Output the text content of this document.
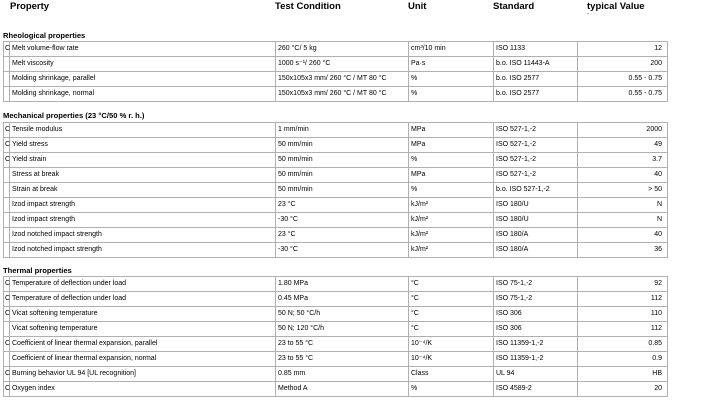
Property	Test Condition	Unit	Standard	typical Value
-
Rheological properties
C	Melt volume-flow rate	260 °C/ 5 kg	cm³/10 min	ISO 1133	12
	Melt viscosity	1000 s⁻¹/ 260 °C	Pa·s	b.o. ISO 11443-A	200
	Molding shrinkage, parallel	150x105x3 mm/ 260 °C / MT 80 °C	%	b.o. ISO 2577	0.55 - 0.75
	Molding shrinkage, normal	150x105x3 mm/ 260 °C / MT 80 °C	%	b.o. ISO 2577	0.55 - 0.75
Mechanical properties (23 °C/50 % r. h.)
C	Tensile modulus	1 mm/min	MPa	ISO 527-1,-2	2000
C	Yield stress	50 mm/min	MPa	ISO 527-1,-2	49
C	Yield strain	50 mm/min	%	ISO 527-1,-2	3.7
	Stress at break	50 mm/min	MPa	ISO 527-1,-2	40
	Strain at break	50 mm/min	%	b.o. ISO 527-1,-2	> 50
	Izod impact strength	23 °C	kJ/m²	ISO 180/U	N
	Izod impact strength	-30 °C	kJ/m²	ISO 180/U	N
	Izod notched impact strength	23 °C	kJ/m²	ISO 180/A	40
	Izod notched impact strength	-30 °C	kJ/m²	ISO 180/A	36
Thermal properties
C	Temperature of deflection under load	1.80 MPa	°C	ISO 75-1,-2	92
C	Temperature of deflection under load	0.45 MPa	°C	ISO 75-1,-2	112
C	Vicat softening temperature	50 N; 50 °C/h	°C	ISO 306	110
	Vicat softening temperature	50 N; 120 °C/h	°C	ISO 306	112
C	Coefficient of linear thermal expansion, parallel	23 to 55 °C	10⁻⁴/K	ISO 11359-1,-2	0.85
	Coefficient of linear thermal expansion, normal	23 to 55 °C	10⁻⁴/K	ISO 11359-1,-2	0.9
C	Burning behavior UL 94 [UL recognition]	0.85 mm	Class	UL 94	HB
C	Oxygen index	Method A	%	ISO 4589-2	20
